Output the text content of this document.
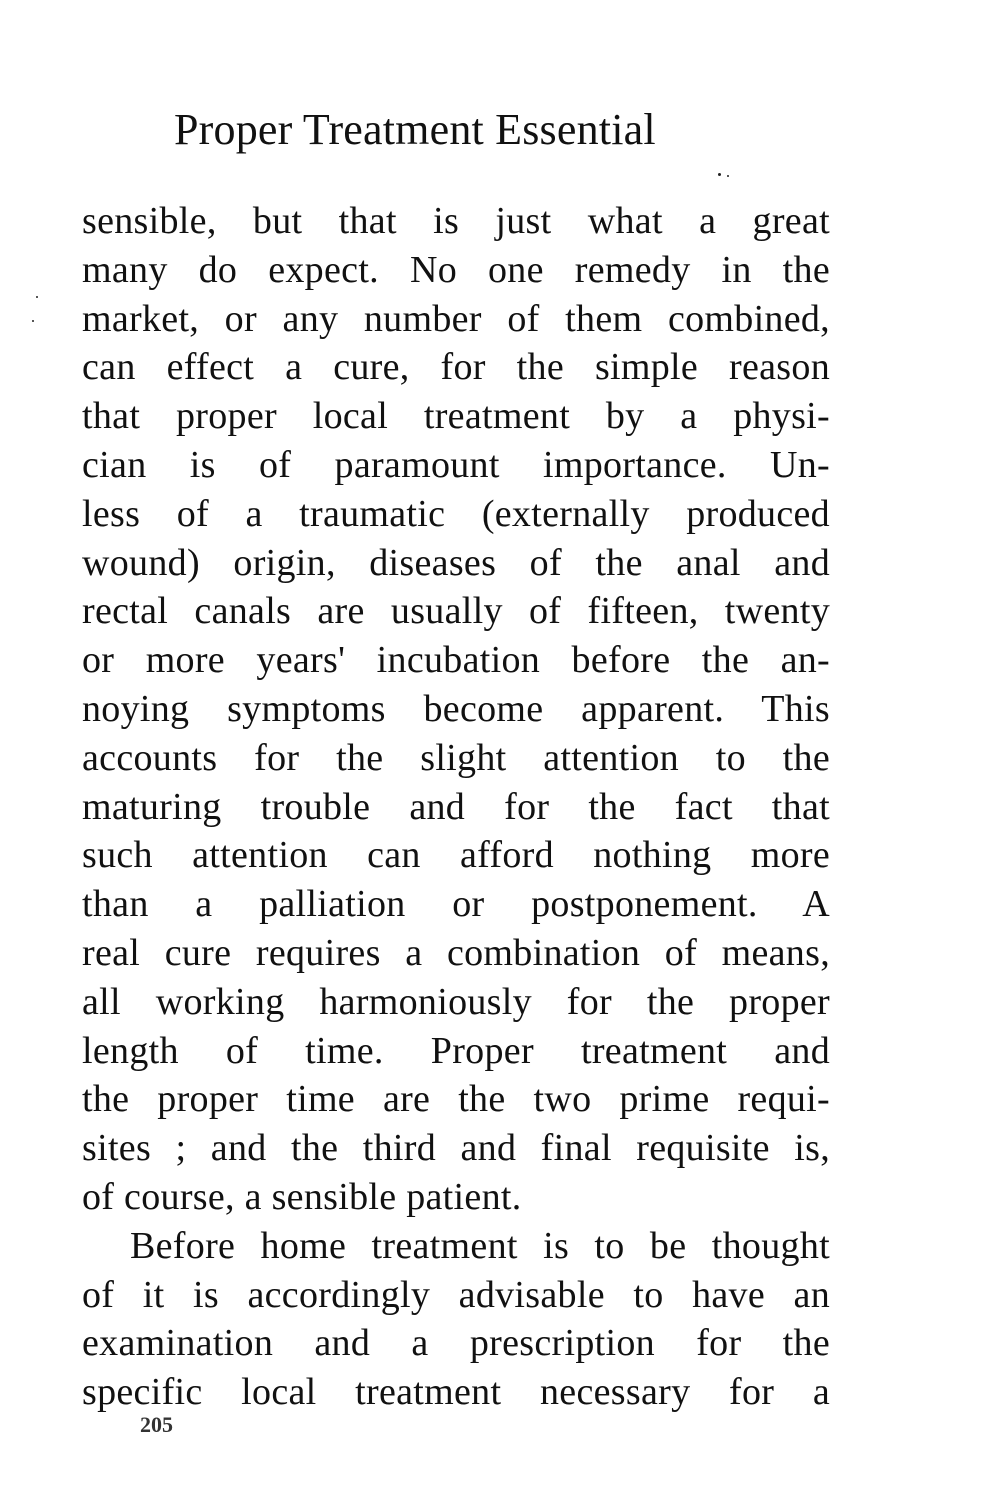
Proper Treatment Essential
sensible, but that is just what a great
many do expect. No one remedy in the
market, or any number of them combined,
can effect a cure, for the simple reason
that proper local treatment by a physi-
cian is of paramount importance. Un-
less of a traumatic (externally produced
wound) origin, diseases of the anal and
rectal canals are usually of fifteen, twenty
or more years' incubation before the an-
noying symptoms become apparent. This
accounts for the slight attention to the
maturing trouble and for the fact that
such attention can afford nothing more
than a palliation or postponement. A
real cure requires a combination of means,
all working harmoniously for the proper
length of time. Proper treatment and
the proper time are the two prime requi-
sites ; and the third and final requisite is,
of course, a sensible patient.
Before home treatment is to be thought
of it is accordingly advisable to have an
examination and a prescription for the
specific local treatment necessary for a
205
